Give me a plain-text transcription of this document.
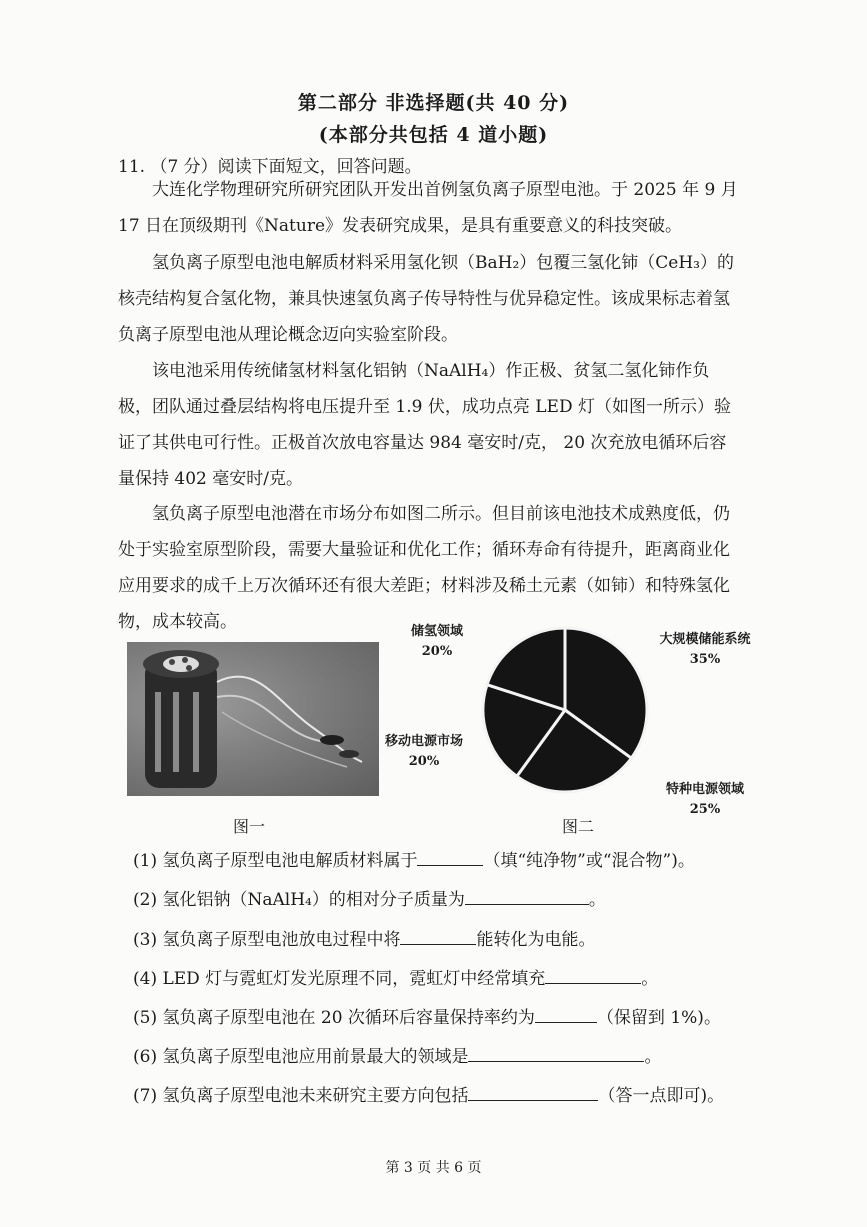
第二部分 非选择题(共 40 分)
(本部分共包括 4 道小题)
11. （7 分）阅读下面短文，回答问题。

大连化学物理研究所研究团队开发出首例氢负离子原型电池。于 2025 年 9 月 17 日在顶级期刊《Nature》发表研究成果，是具有重要意义的科技突破。

氢负离子原型电池电解质材料采用氢化钡（BaH₂）包覆三氢化铈（CeH₃）的核壳结构复合氢化物，兼具快速氢负离子传导特性与优异稳定性。该成果标志着氢负离子原型电池从理论概念迈向实验室阶段。

该电池采用传统储氢材料氢化铝钠（NaAlH₄）作正极、贫氢二氢化铈作负极，团队通过叠层结构将电压提升至 1.9 伏，成功点亮 LED 灯（如图一所示）验证了其供电可行性。正极首次放电容量达 984 毫安时/克， 20 次充放电循环后容量保持 402 毫安时/克。

氢负离子原型电池潜在市场分布如图二所示。但目前该电池技术成熟度低，仍处于实验室原型阶段，需要大量验证和优化工作；循环寿命有待提升，距离商业化应用要求的成千上万次循环还有很大差距；材料涉及稀土元素（如铈）和特殊氢化物，成本较高。

图一
储氢领域
20%
移动电源市场
20%
大规模储能系统
35%
特种电源领域
25%
图二
(1) 氢负离子原型电池电解质材料属于	（填“纯净物”或“混合物”)。
(2) 氢化铝钠（NaAlH₄）的相对分子质量为	。
(3) 氢负离子原型电池放电过程中将	能转化为电能。
(4) LED 灯与霓虹灯发光原理不同，霓虹灯中经常填充	。
(5) 氢负离子原型电池在 20 次循环后容量保持率约为	（保留到 1%)。
(6) 氢负离子原型电池应用前景最大的领域是	。
(7) 氢负离子原型电池未来研究主要方向包括	（答一点即可)。
第 3 页 共 6 页
